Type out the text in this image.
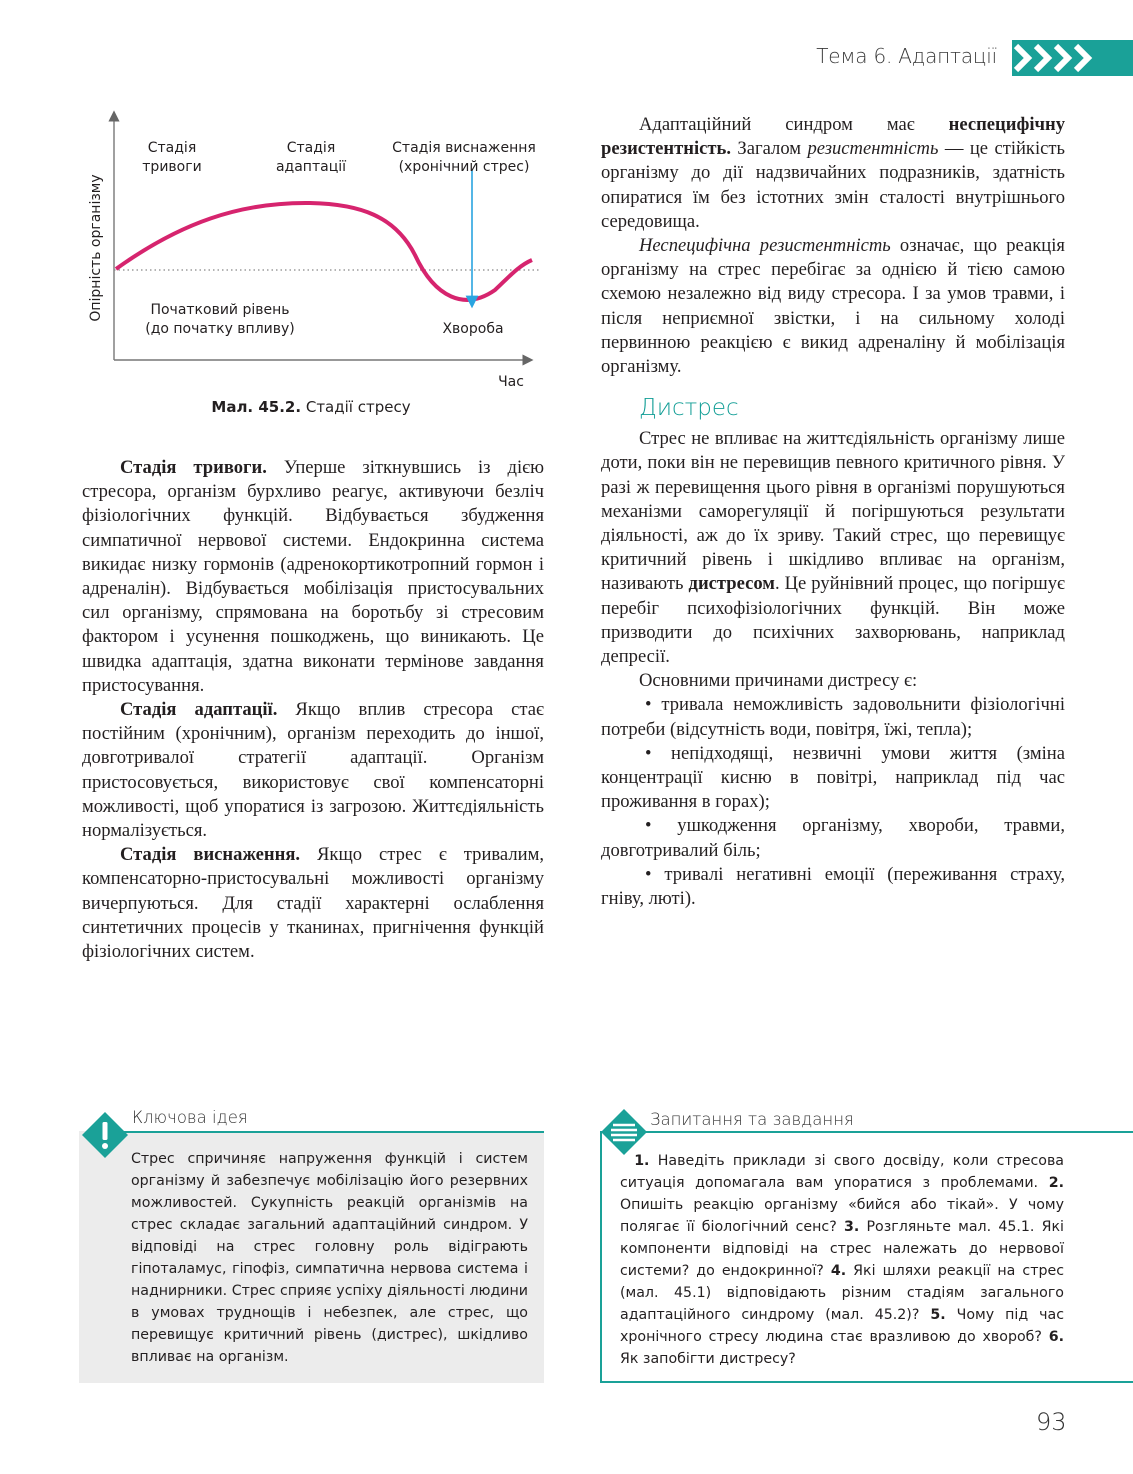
Тема 6. Адаптації
Опірність організму
Час
Стадія
тривоги
Стадія
адаптації
Стадія виснаження
(хронічний стрес)
Початковий рівень
(до початку впливу)	Хвороба
Мал. 45.2. Стадії стресу

Стадія тривоги. Уперше зіткнувшись із дією стресора, організм бурхливо реагує, активуючи безліч фізіологічних функцій. Відбувається збудження симпатичної нервової системи. Ендокринна система викидає низку гормонів (адренокортикотропний гормон і адреналін). Відбувається мобілізація пристосувальних сил організму, спрямована на боротьбу зі стресовим фактором і усунення пошкоджень, що виникають. Це швидка адаптація, здатна виконати термінове завдання пристосування.

Стадія адаптації. Якщо вплив стресора стає постійним (хронічним), організм переходить до іншої, довготривалої стратегії адаптації. Організм пристосовується, використовує свої компенсаторні можливості, щоб упоратися із загрозою. Життєдіяльність нормалізується.

Стадія виснаження. Якщо стрес є тривалим, компенсаторно-пристосувальні можливості організму вичерпуються. Для стадії характерні ослаблення синтетичних процесів у тканинах, пригнічення функцій фізіологічних систем.

Адаптаційний синдром має неспецифічну резистентність. Загалом резистентність — це стійкість організму до дії надзвичайних подразників, здатність опиратися їм без істотних змін сталості внутрішнього середовища.

Неспецифічна резистентність означає, що реакція організму на стрес перебігає за однією й тією самою схемою незалежно від виду стресора. І за умов травми, і після неприємної звістки, і на сильному холоді первинною реакцією є викид адреналіну й мобілізація організму.

Дистрес

Стрес не впливає на життєдіяльність організму лише доти, поки він не перевищив певного критичного рівня. У разі ж перевищення цього рівня в організмі порушуються механізми саморегуляції й погіршуються результати діяльності, аж до їх зриву. Такий стрес, що перевищує критичний рівень і шкідливо впливає на організм, називають дистресом. Це руйнівний процес, що погіршує перебіг психофізіологічних функцій. Він може призводити до психічних захворювань, наприклад депресії.

Основними причинами дистресу є:

• тривала неможливість задовольнити фізіологічні потреби (відсутність води, повітря, їжі, тепла);

• непідходящі, незвичні умови життя (зміна концентрації кисню в повітрі, наприклад під час проживання в горах);

• ушкодження організму, хвороби, травми, довготривалий біль;

• тривалі негативні емоції (переживання страху, гніву, люті).

Ключова ідея
Стрес спричиняє напруження функцій і систем організму й забезпечує мобілізацію його резервних можливостей. Сукупність реакцій організмів на стрес складає загальний адаптаційний синдром. У відповіді на стрес головну роль відіграють гіпоталамус, гіпофіз, симпатична нервова система і наднирники. Стрес сприяє успіху діяльності людини в умовах труднощів і небезпек, але стрес, що перевищує критичний рівень (дистрес), шкідливо впливає на організм.
Запитання та завдання
 1. Наведіть приклади зі свого досвіду, коли стресова ситуація допомагала вам упоратися з проблемами. 2. Опишіть реакцію організму «бийся або тікай». У чому полягає її біологічний сенс? 3. Розгляньте мал. 45.1. Які компоненти відповіді на стрес належать до нервової системи? до ендокринної? 4. Які шляхи реакції на стрес (мал. 45.1) відповідають різним стадіям загального адаптаційного синдрому (мал. 45.2)? 5. Чому під час хронічного стресу людина стає вразливою до хвороб? 6. Як запобігти дистресу?
93
